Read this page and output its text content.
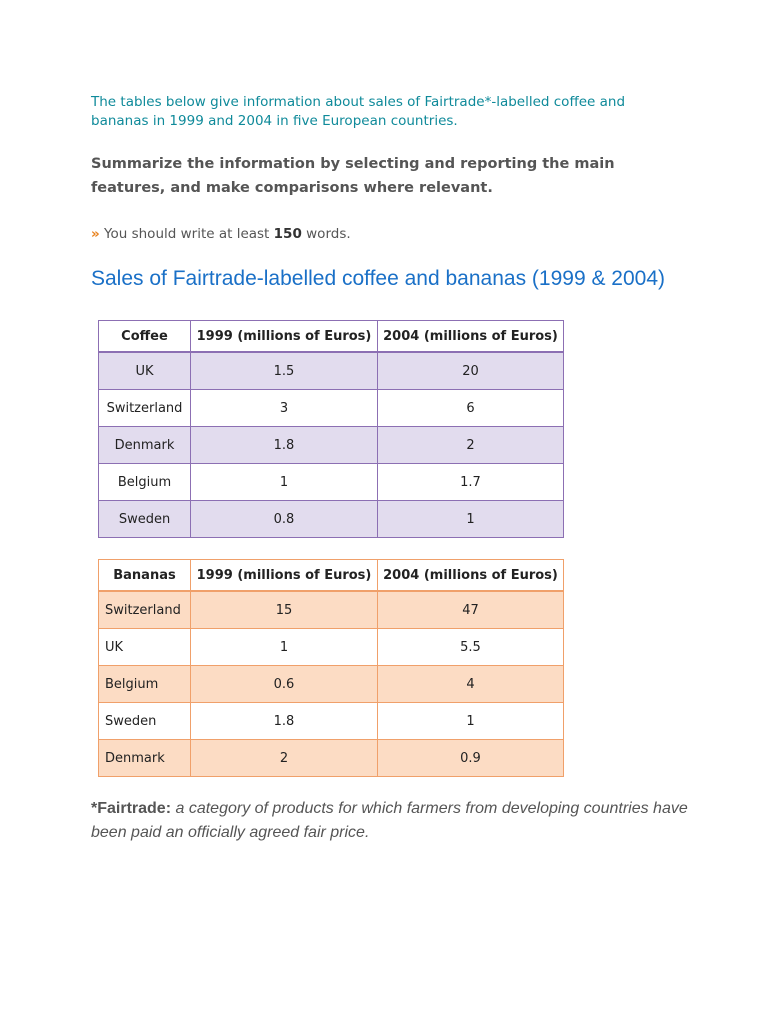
The tables below give information about sales of Fairtrade*-labelled coffee and bananas in 1999 and 2004 in five European countries.
Summarize the information by selecting and reporting the main features, and make comparisons where relevant.
» You should write at least 150 words.
Sales of Fairtrade-labelled coffee and bananas (1999 & 2004)
Coffee	1999 (millions of Euros)	2004 (millions of Euros)
UK	1.5	20
Switzerland	3	6
Denmark	1.8	2
Belgium	1	1.7
Sweden	0.8	1
Bananas	1999 (millions of Euros)	2004 (millions of Euros)
Switzerland	15	47
UK	1	5.5
Belgium	0.6	4
Sweden	1.8	1
Denmark	2	0.9
*Fairtrade: a category of products for which farmers from developing countries have been paid an officially agreed fair price.
